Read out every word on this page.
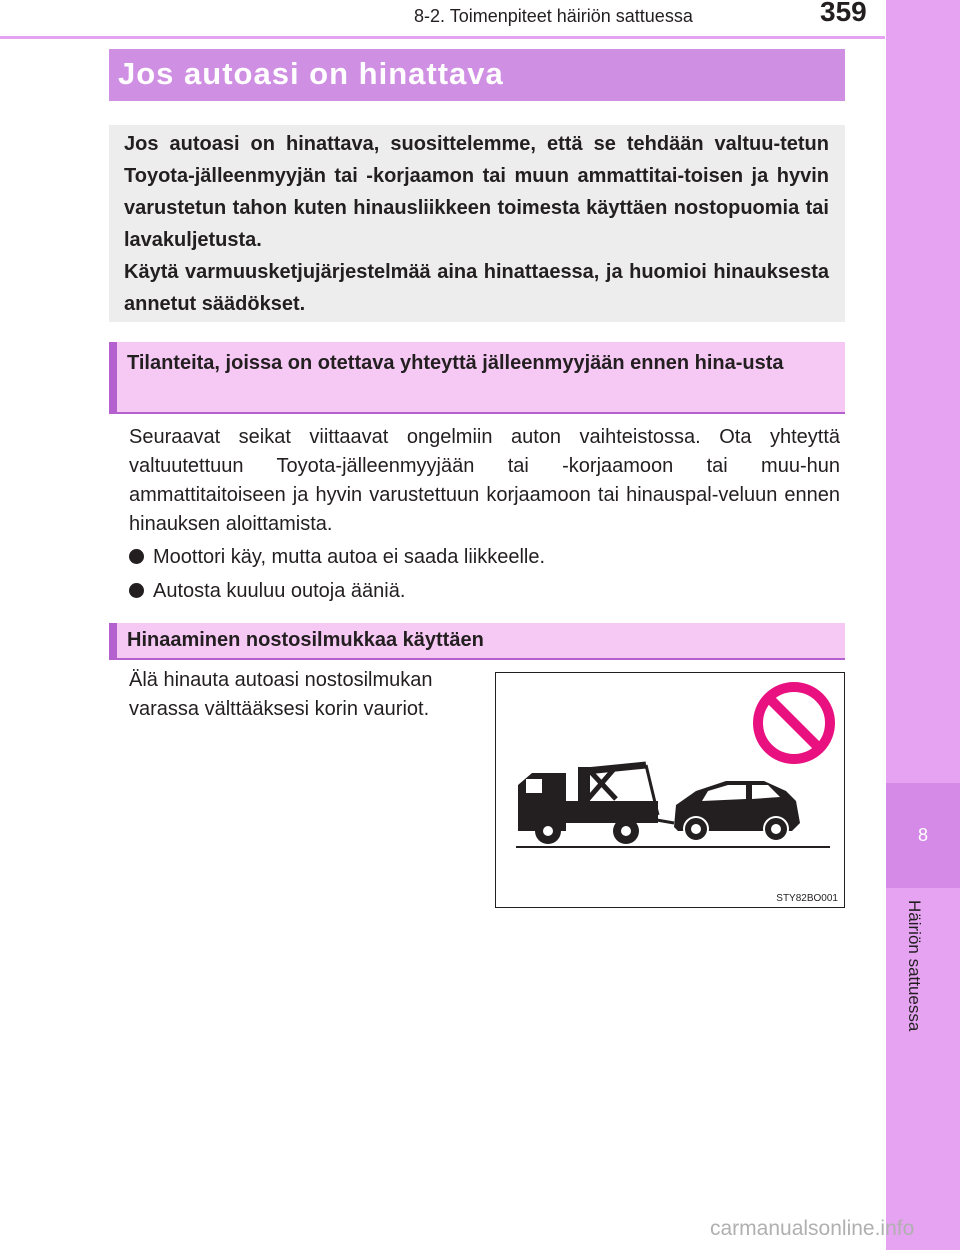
8
Häiriön sattuessa
8-2. Toimenpiteet häiriön sattuessa	359
Jos autoasi on hinattava

Jos autoasi on hinattava, suosittelemme, että se tehdään valtuu-tetun Toyota-jälleenmyyjän tai -korjaamon tai muun ammattitai-toisen ja hyvin varustetun tahon kuten hinausliikkeen toimesta käyttäen nostopuomia tai lavakuljetusta.

Käytä varmuusketjujärjestelmää aina hinattaessa, ja huomioi hinauksesta annetut säädökset.

Tilanteita, joissa on otettava yhteyttä jälleenmyyjään ennen hina-usta
Seuraavat seikat viittaavat ongelmiin auton vaihteistossa. Ota yhteyttä valtuutettuun Toyota-jälleenmyyjään tai -korjaamoon tai muu-hun ammattitaitoiseen ja hyvin varustettuun korjaamoon tai hinauspal-veluun ennen hinauksen aloittamista.
Moottori käy, mutta autoa ei saada liikkeelle.
Autosta kuuluu outoja ääniä.
Hinaaminen nostosilmukkaa käyttäen
Älä hinauta autoasi nostosilmukan varassa välttääksesi korin vauriot.
STY82BO001
carmanualsonline.info
